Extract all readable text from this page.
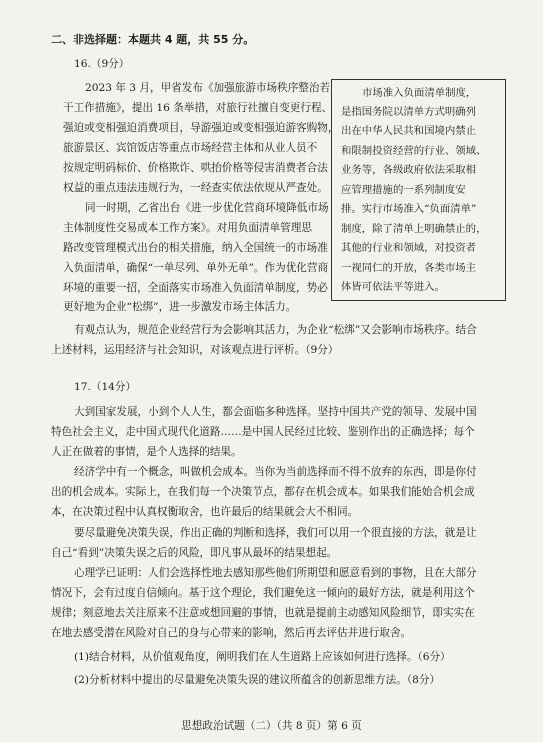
二、非选择题：本题共 4 题，共 55 分。
16.（9分）
2023 年 3 月，甲省发布《加强旅游市场秩序整治若
干工作措施》，提出 16 条举措，对旅行社擅自变更行程、
强迫或变相强迫消费项目，导游强迫或变相强迫游客购物，
旅游景区、宾馆饭店等重点市场经营主体和从业人员不
按规定明码标价、价格欺诈、哄抬价格等侵害消费者合法
权益的重点违法违规行为，一经查实依法依规从严查处。
同一时期，乙省出台《进一步优化营商环境降低市场
主体制度性交易成本工作方案》。对用负面清单管理思
路改变管理模式出台的相关措施，纳入全国统一的市场准
入负面清单，确保“一单尽列、单外无单”。作为优化营商
环境的重要一招，全面落实市场准入负面清单制度，势必
更好地为企业“松绑”，进一步激发市场主体活力。
市场准入负面清单制度，
是指国务院以清单方式明确列
出在中华人民共和国境内禁止
和限制投资经营的行业、领域、
业务等，各级政府依法采取相
应管理措施的一系列制度安
排。实行市场准入“负面清单”
制度，除了清单上明确禁止的，
其他的行业和领域，对投资者
一视同仁的开放，各类市场主
体皆可依法平等进入。
有观点认为，规范企业经营行为会影响其活力，为企业“松绑”又会影响市场秩序。结合
上述材料，运用经济与社会知识，对该观点进行评析。（9分）
17.（14分）
大到国家发展，小到个人人生，都会面临多种选择。坚持中国共产党的领导、发展中国
特色社会主义，走中国式现代化道路……是中国人民经过比较、鉴别作出的正确选择；每个
人正在做着的事情，是个人选择的结果。
经济学中有一个概念，叫做机会成本。当你为当前选择而不得不放弃的东西，即是你付
出的机会成本。实际上，在我们每一个决策节点，都存在机会成本。如果我们能始合机会成
本，在决策过程中认真权衡取舍，也许最后的结果就会大不相同。
要尽量避免决策失误，作出正确的判断和选择，我们可以用一个很直接的方法，就是让
自己“看到”决策失误之后的风险，即凡事从最坏的结果想起。
心理学已证明：人们会选择性地去感知那些他们所期望和愿意看到的事物，且在大部分
情况下，会有过度自信倾向。基于这个理论，我们避免这一倾向的最好方法，就是利用这个
规律；刻意地去关注原来不注意或想回避的事情，也就是提前主动感知风险细节，即实实在
在地去感受潜在风险对自己的身与心带来的影响，然后再去评估并进行取舍。
(1)结合材料，从价值观角度，阐明我们在人生道路上应该如何进行选择。（6分）
(2)分析材料中提出的尽量避免决策失误的建议所蕴含的创新思维方法。（8分）
思想政治试题（二）（共 8 页）第 6 页
